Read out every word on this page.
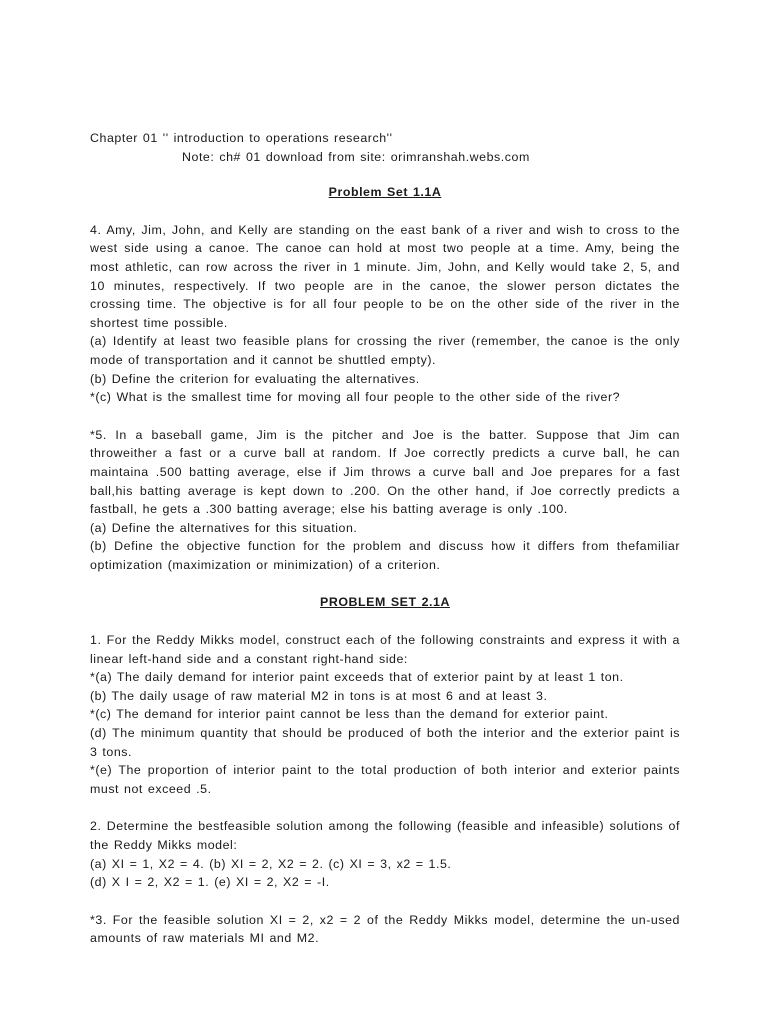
Chapter 01 '' introduction to operations research''

Note: ch# 01 download from site: orimranshah.webs.com

Problem Set 1.1A

4. Amy, Jim, John, and Kelly are standing on the east bank of a river and wish to cross to the west side using a canoe. The canoe can hold at most two people at a time. Amy, being the most athletic, can row across the river in 1 minute. Jim, John, and Kelly would take 2, 5, and 10 minutes, respectively. If two people are in the canoe, the slower person dictates the crossing time. The objective is for all four people to be on the other side of the river in the shortest time possible.

(a) Identify at least two feasible plans for crossing the river (remember, the canoe is the only mode of transportation and it cannot be shuttled empty).

(b) Define the criterion for evaluating the alternatives.

*(c) What is the smallest time for moving all four people to the other side of the river?

*5. In a baseball game, Jim is the pitcher and Joe is the batter. Suppose that Jim can throweither a fast or a curve ball at random. If Joe correctly predicts a curve ball, he can maintaina .500 batting average, else if Jim throws a curve ball and Joe prepares for a fast ball,his batting average is kept down to .200. On the other hand, if Joe correctly predicts a fastball, he gets a .300 batting average; else his batting average is only .100.

(a) Define the alternatives for this situation.

(b) Define the objective function for the problem and discuss how it differs from thefamiliar optimization (maximization or minimization) of a criterion.

PROBLEM SET 2.1A

1. For the Reddy Mikks model, construct each of the following constraints and express it with a linear left-hand side and a constant right-hand side:

*(a) The daily demand for interior paint exceeds that of exterior paint by at least 1 ton.

(b) The daily usage of raw material M2 in tons is at most 6 and at least 3.

*(c) The demand for interior paint cannot be less than the demand for exterior paint.

(d) The minimum quantity that should be produced of both the interior and the exterior paint is 3 tons.

*(e) The proportion of interior paint to the total production of both interior and exterior paints must not exceed .5.

2. Determine the bestfeasible solution among the following (feasible and infeasible) solutions of the Reddy Mikks model:

(a) XI = 1, X2 = 4. (b) XI = 2, X2 = 2. (c) XI = 3, x2 = 1.5.

(d) X I = 2, X2 = 1. (e) XI = 2, X2 = -I.

*3. For the feasible solution XI = 2, x2 = 2 of the Reddy Mikks model, determine the un-used amounts of raw materials MI and M2.
